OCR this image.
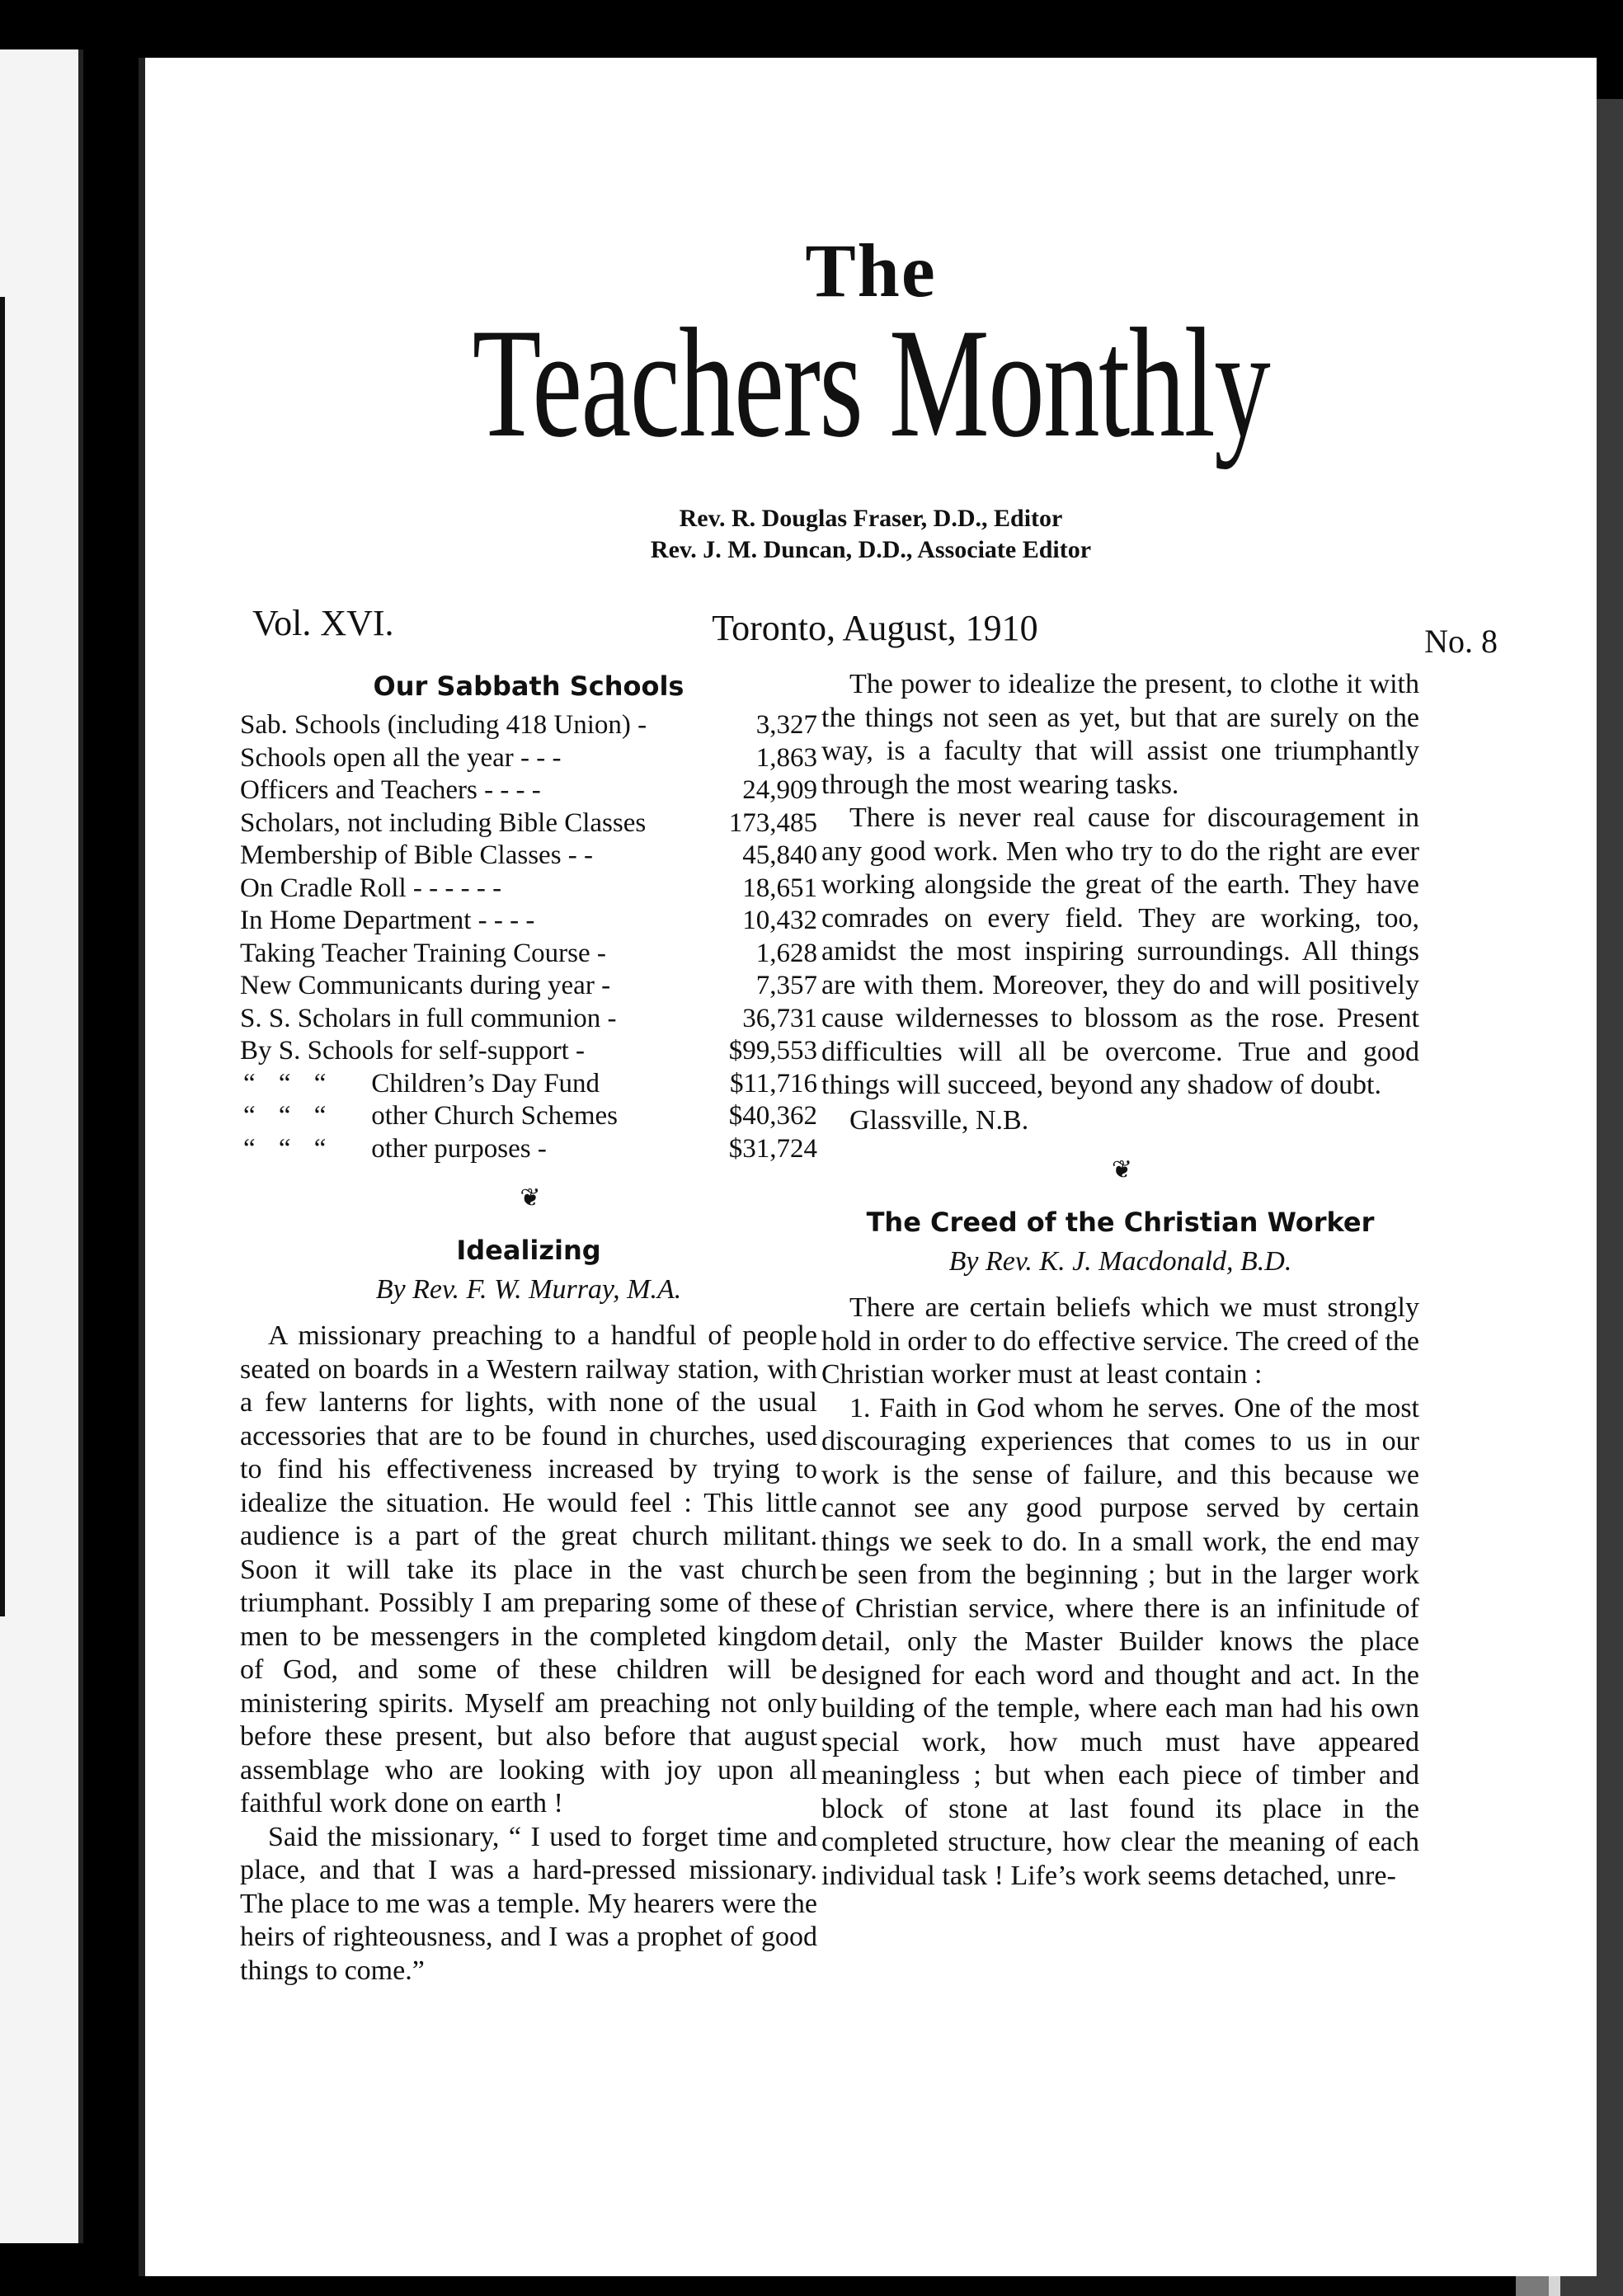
The
Teachers Monthly
Rev. R. Douglas Fraser, D.D., Editor
Rev. J. M. Duncan, D.D., Associate Editor
Vol. XVI.	Toronto, August, 1910	No. 8
Our Sabbath Schools
Sab. Schools (including 418 Union) -		3,327
Schools open all the year - - -		1,863
Officers and Teachers - - - -		24,909
Scholars, not including Bible Classes		173,485
Membership of Bible Classes - -		45,840
On Cradle Roll - - - - - -		18,651
In Home Department - - - -		10,432
Taking Teacher Training Course -		1,628
New Communicants during year -		7,357
S. S. Scholars in full communion -		36,731
By S. Schools for self-support -		$99,553
“ “ “	Children’s Day Fund	$11,716
“ “ “	other Church Schemes	$40,362
“ “ “	other purposes -	$31,724
❦
Idealizing
By Rev. F. W. Murray, M.A.

A missionary preaching to a handful of people seated on boards in a Western railway station, with a few lanterns for lights, with none of the usual accessories that are to be found in churches, used to find his effectiveness increased by trying to idealize the situation. He would feel : This little audience is a part of the great church militant. Soon it will take its place in the vast church triumphant. Possibly I am preparing some of these men to be messengers in the completed kingdom of God, and some of these children will be ministering spirits. Myself am preaching not only before these present, but also before that august assemblage who are looking with joy upon all faithful work done on earth !

Said the missionary, “ I used to forget time and place, and that I was a hard-pressed missionary. The place to me was a temple. My hearers were the heirs of righteousness, and I was a prophet of good things to come.”

The power to idealize the present, to clothe it with the things not seen as yet, but that are surely on the way, is a faculty that will assist one triumphantly through the most wearing tasks.

There is never real cause for discouragement in any good work. Men who try to do the right are ever working alongside the great of the earth. They have comrades on every field. They are working, too, amidst the most inspiring surroundings. All things are with them. Moreover, they do and will positively cause wildernesses to blossom as the rose. Present difficulties will all be overcome. True and good things will succeed, beyond any shadow of doubt.

Glassville, N.B.
❦
The Creed of the Christian Worker
By Rev. K. J. Macdonald, B.D.

There are certain beliefs which we must strongly hold in order to do effective service. The creed of the Christian worker must at least contain :

1. Faith in God whom he serves. One of the most discouraging experiences that comes to us in our work is the sense of failure, and this because we cannot see any good purpose served by certain things we seek to do. In a small work, the end may be seen from the beginning ; but in the larger work of Christian service, where there is an infinitude of detail, only the Master Builder knows the place designed for each word and thought and act. In the building of the temple, where each man had his own special work, how much must have appeared meaningless ; but when each piece of timber and block of stone at last found its place in the completed structure, how clear the meaning of each individual task ! Life’s work seems detached, unre-
